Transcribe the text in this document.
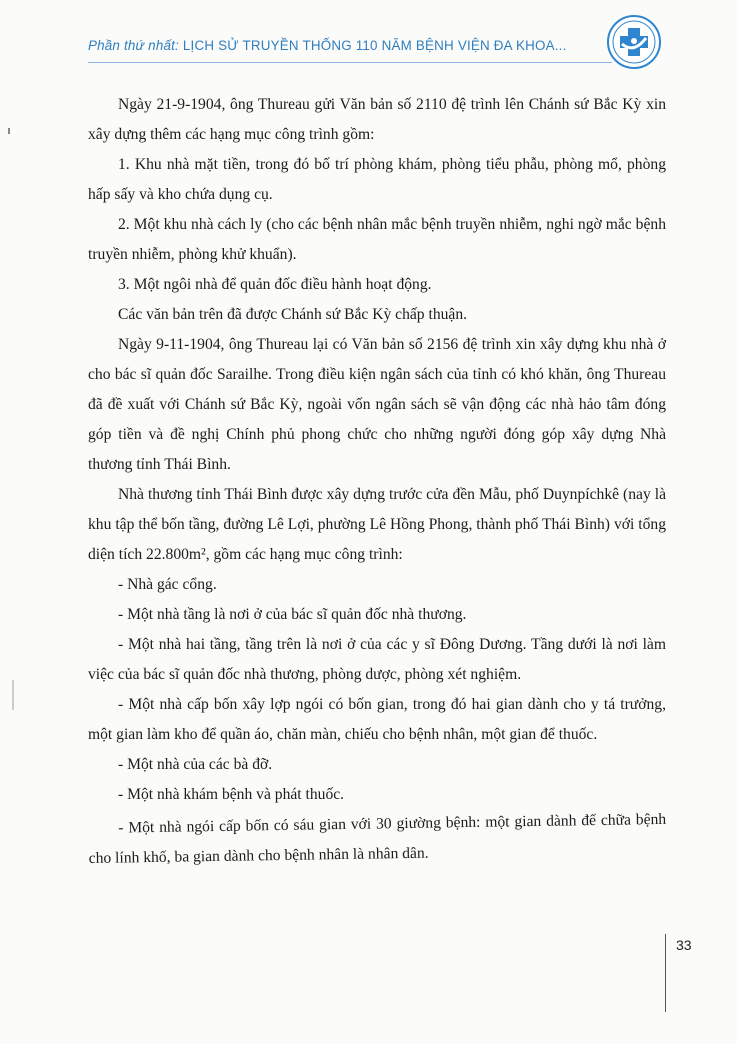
Phần thứ nhất: LỊCH SỬ TRUYỀN THỐNG 110 NĂM BỆNH VIỆN ĐA KHOA...

Ngày 21-9-1904, ông Thureau gửi Văn bản số 2110 đệ trình lên Chánh sứ Bắc Kỳ xin xây dựng thêm các hạng mục công trình gồm:

1. Khu nhà mặt tiền, trong đó bố trí phòng khám, phòng tiểu phẫu, phòng mổ, phòng hấp sấy và kho chứa dụng cụ.

2. Một khu nhà cách ly (cho các bệnh nhân mắc bệnh truyền nhiễm, nghi ngờ mắc bệnh truyền nhiễm, phòng khử khuẩn).

3. Một ngôi nhà để quản đốc điều hành hoạt động.

Các văn bản trên đã được Chánh sứ Bắc Kỳ chấp thuận.

Ngày 9-11-1904, ông Thureau lại có Văn bản số 2156 đệ trình xin xây dựng khu nhà ở cho bác sĩ quản đốc Sarailhe. Trong điều kiện ngân sách của tỉnh có khó khăn, ông Thureau đã đề xuất với Chánh sứ Bắc Kỳ, ngoài vốn ngân sách sẽ vận động các nhà hảo tâm đóng góp tiền và đề nghị Chính phủ phong chức cho những người đóng góp xây dựng Nhà thương tỉnh Thái Bình.

Nhà thương tỉnh Thái Bình được xây dựng trước cửa đền Mẫu, phố Duynpíchkê (nay là khu tập thể bốn tầng, đường Lê Lợi, phường Lê Hồng Phong, thành phố Thái Bình) với tổng diện tích 22.800m², gồm các hạng mục công trình:

- Nhà gác cổng.

- Một nhà tầng là nơi ở của bác sĩ quản đốc nhà thương.

- Một nhà hai tầng, tầng trên là nơi ở của các y sĩ Đông Dương. Tầng dưới là nơi làm việc của bác sĩ quản đốc nhà thương, phòng dược, phòng xét nghiệm.

- Một nhà cấp bốn xây lợp ngói có bốn gian, trong đó hai gian dành cho y tá trưởng, một gian làm kho để quần áo, chăn màn, chiếu cho bệnh nhân, một gian để thuốc.

- Một nhà của các bà đỡ.

- Một nhà khám bệnh và phát thuốc.

- Một nhà ngói cấp bốn có sáu gian với 30 giường bệnh: một gian dành để chữa bệnh cho lính khố, ba gian dành cho bệnh nhân là nhân dân.

33
